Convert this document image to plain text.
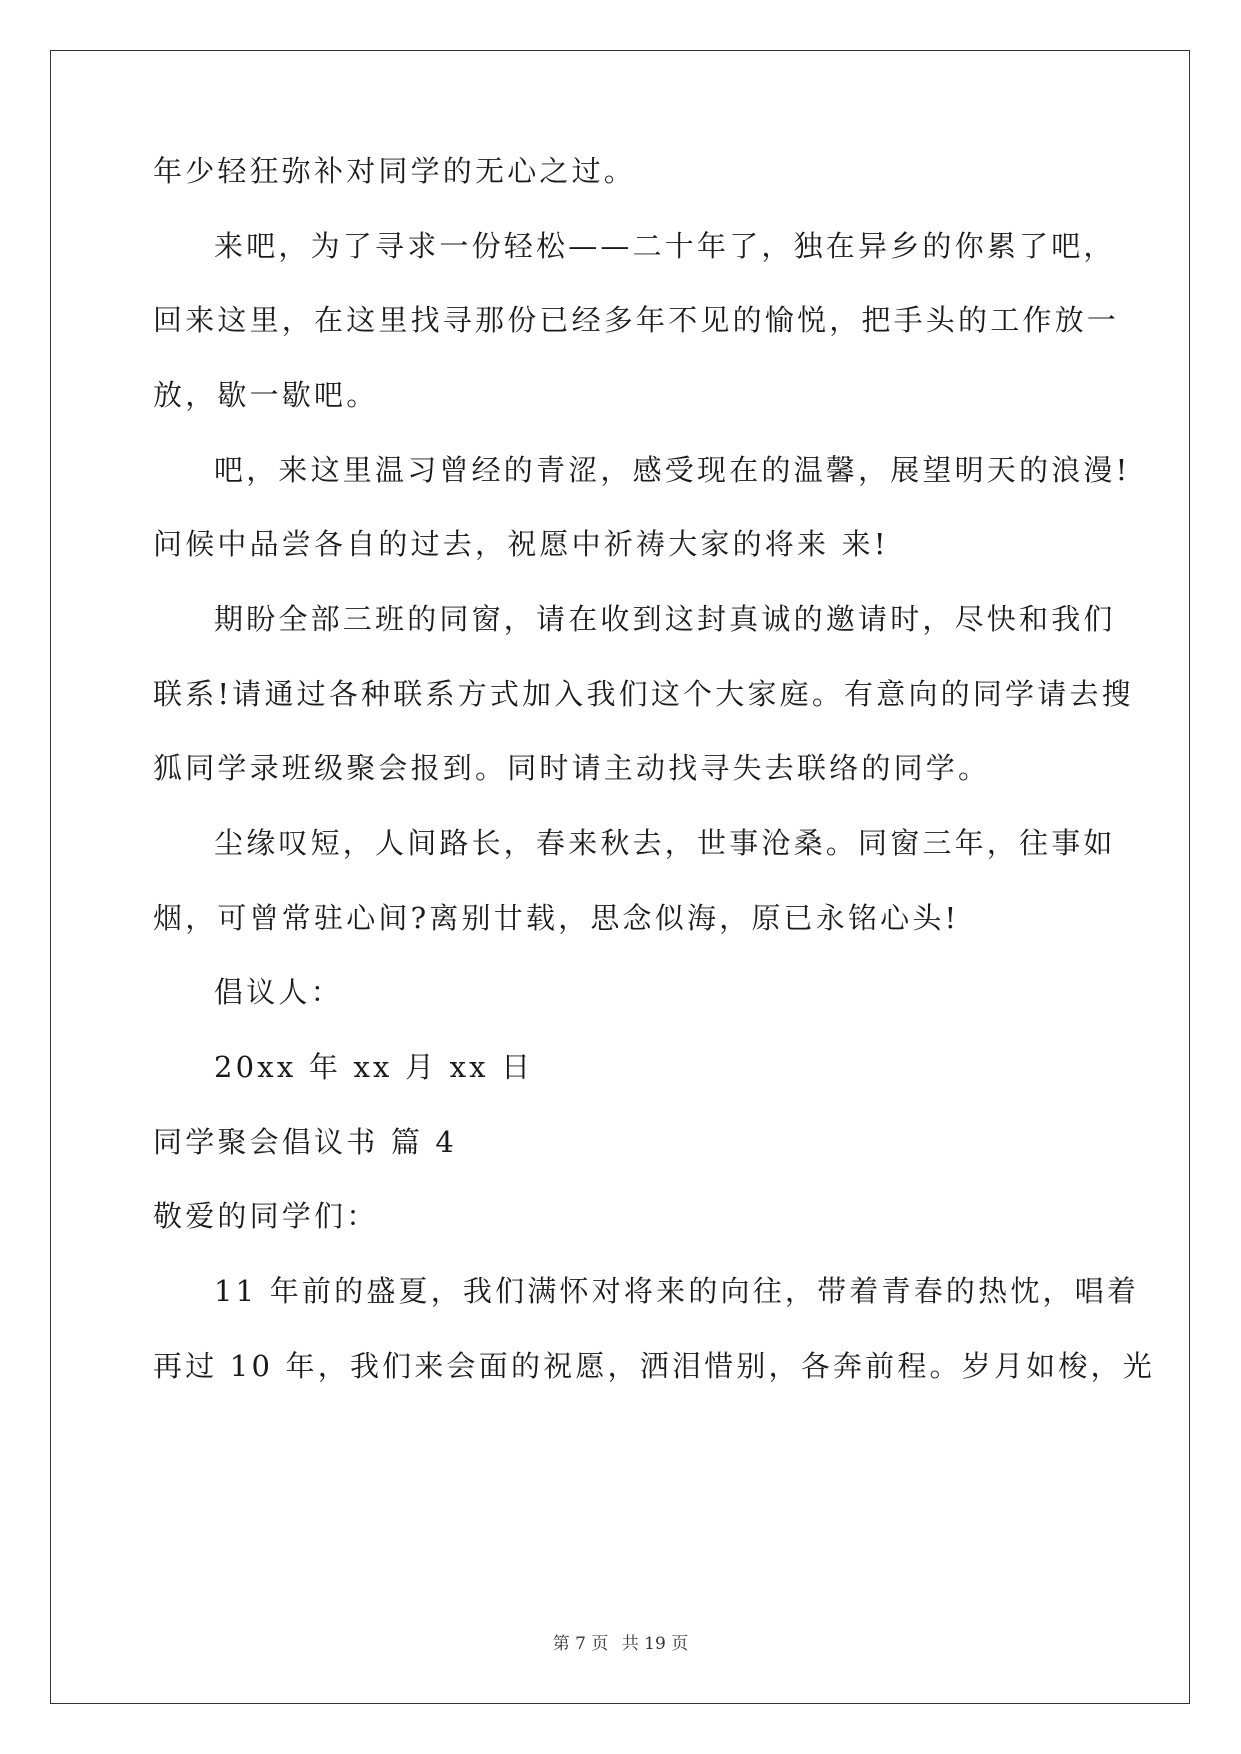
年少轻狂弥补对同学的无心之过。
来吧，为了寻求一份轻松——二十年了，独在异乡的你累了吧，
回来这里，在这里找寻那份已经多年不见的愉悦，把手头的工作放一
放，歇一歇吧。
吧，来这里温习曾经的青涩，感受现在的温馨，展望明天的浪漫!
问候中品尝各自的过去，祝愿中祈祷大家的将来 来!
期盼全部三班的同窗，请在收到这封真诚的邀请时，尽快和我们
联系!请通过各种联系方式加入我们这个大家庭。有意向的同学请去搜
狐同学录班级聚会报到。同时请主动找寻失去联络的同学。
尘缘叹短，人间路长，春来秋去，世事沧桑。同窗三年，往事如
烟，可曾常驻心间?离别廿载，思念似海，原已永铭心头!
倡议人：
20xx 年 xx 月 xx 日
同学聚会倡议书 篇 4
敬爱的同学们：
11 年前的盛夏，我们满怀对将来的向往，带着青春的热忱，唱着
再过 10 年，我们来会面的祝愿，洒泪惜别，各奔前程。岁月如梭，光
第 7 页 共 19 页
